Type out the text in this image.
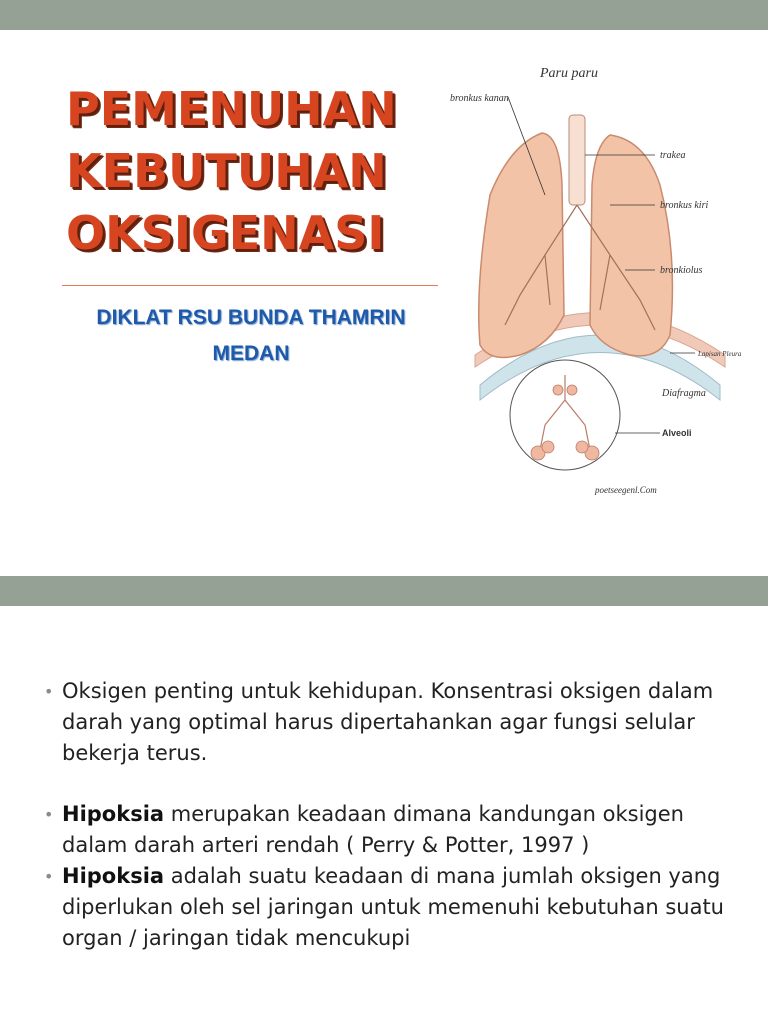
PEMENUHAN
KEBUTUHAN
OKSIGENASI
DIKLAT RSU BUNDA THAMRIN
MEDAN
Paru paru
bronkus kanan
trakea
bronkus kiri
bronkiolus
Lapisan Pleura
Diafragma
Alveoli
poetseegenl.Com
• Oksigen penting untuk kehidupan. Konsentrasi oksigen dalam darah yang optimal harus dipertahankan agar fungsi selular bekerja terus.
• Hipoksia merupakan keadaan dimana kandungan oksigen dalam darah arteri rendah ( Perry & Potter, 1997 )
• Hipoksia adalah suatu keadaan di mana jumlah oksigen yang diperlukan oleh sel jaringan untuk memenuhi kebutuhan suatu organ / jaringan tidak mencukupi
